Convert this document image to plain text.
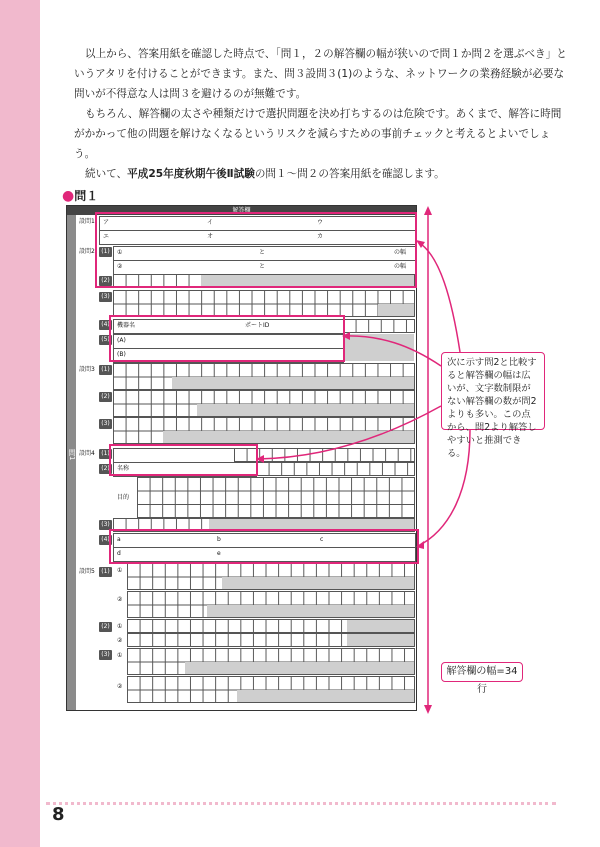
以上から、答案用紙を確認した時点で、「問１，２の解答欄の幅が狭いので問１か問２を選ぶべき」というアタリを付けることができます。また、問３設問３(1)のような、ネットワークの業務経験が必要な問いが不得意な人は問３を避けるのが無難です。

もちろん、解答欄の太さや種類だけで選択問題を決め打ちするのは危険です。あくまで、解答に時間がかかって他の問題を解けなくなるというリスクを減らすための事前チェックと考えるとよいでしょう。

続いて、平成25年度秋期午後Ⅱ試験の問１～問２の答案用紙を確認します。

●問１
解答欄
問1
設問1 ア	イ	ウ
エ	オ	カ
設問2	(1)	①	と	の幅
②	と	の幅
(2)
(3)
(4)	機器名	ポートID
(5)	(A)
(B)
設問3	(1)
(2)
(3)
設問4	(1)
(2)	名称
目的
(3)
(4)	a	b	c
d	e
設問5	(1)	①
②
(2)	①
②
(3)	①
②
次に示す問2と比較すると解答欄の幅は広いが、文字数制限がない解答欄の数が問2よりも多い。この点から、問2より解答しやすいと推測できる。
解答欄の幅=34行
8
